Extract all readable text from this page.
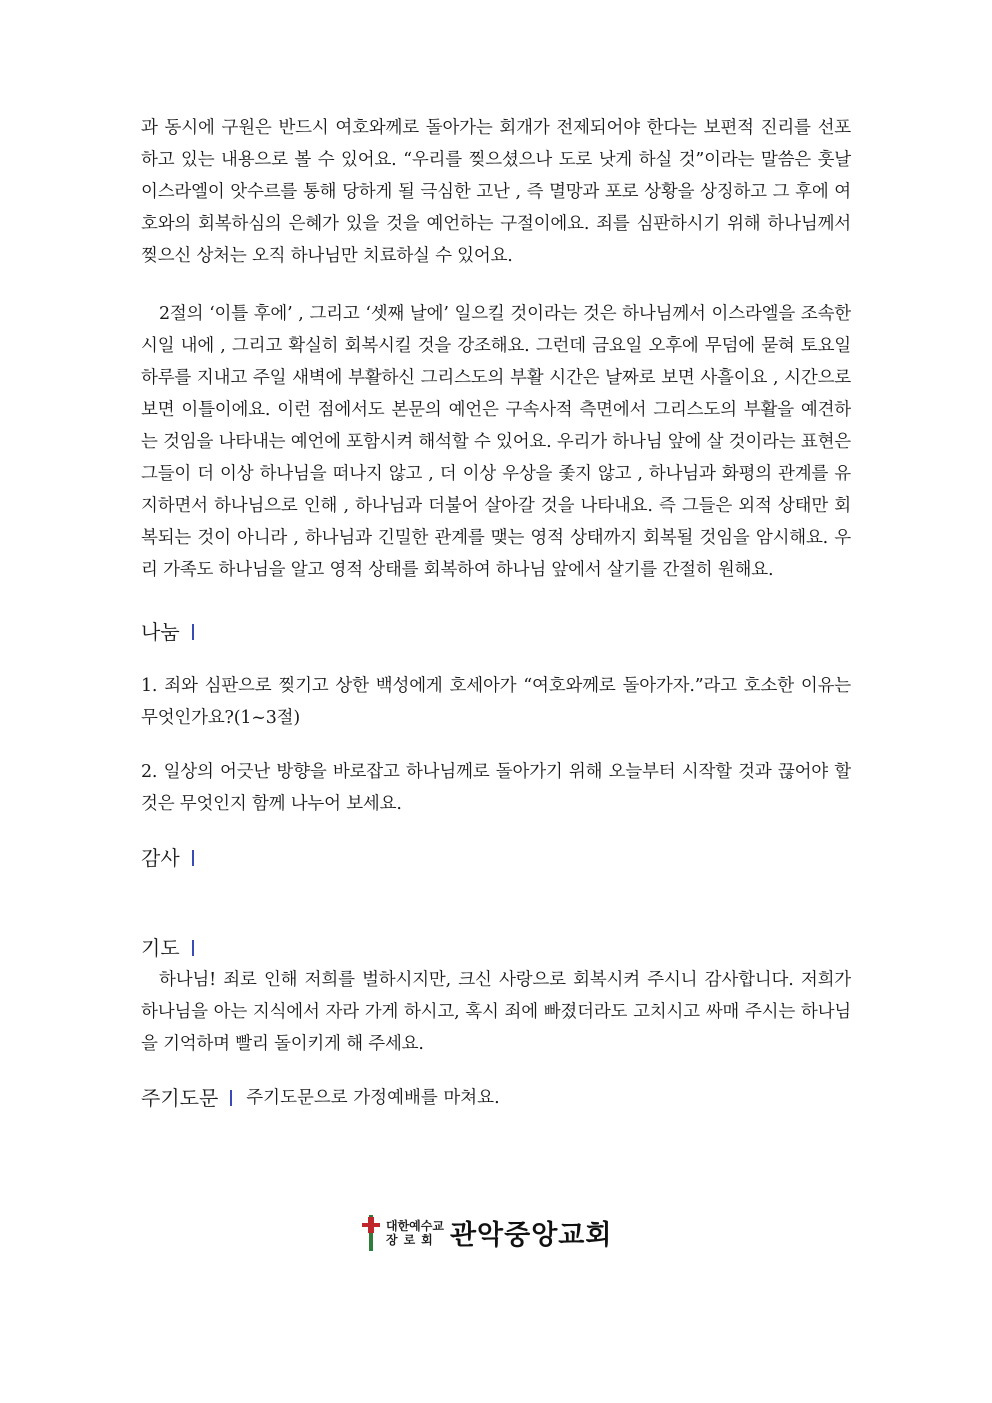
과 동시에 구원은 반드시 여호와께로 돌아가는 회개가 전제되어야 한다는 보편적 진리를 선포하고 있는 내용으로 볼 수 있어요. “우리를 찢으셨으나 도로 낫게 하실 것”이라는 말씀은 훗날 이스라엘이 앗수르를 통해 당하게 될 극심한 고난 , 즉 멸망과 포로 상황을 상징하고 그 후에 여호와의 회복하심의 은혜가 있을 것을 예언하는 구절이에요. 죄를 심판하시기 위해 하나님께서 찢으신 상처는 오직 하나님만 치료하실 수 있어요.

2절의 ‘이틀 후에’ , 그리고 ‘셋째 날에’ 일으킬 것이라는 것은 하나님께서 이스라엘을 조속한 시일 내에 , 그리고 확실히 회복시킬 것을 강조해요. 그런데 금요일 오후에 무덤에 묻혀 토요일 하루를 지내고 주일 새벽에 부활하신 그리스도의 부활 시간은 날짜로 보면 사흘이요 , 시간으로 보면 이틀이에요. 이런 점에서도 본문의 예언은 구속사적 측면에서 그리스도의 부활을 예견하는 것임을 나타내는 예언에 포함시켜 해석할 수 있어요. 우리가 하나님 앞에 살 것이라는 표현은 그들이 더 이상 하나님을 떠나지 않고 , 더 이상 우상을 좇지 않고 , 하나님과 화평의 관계를 유지하면서 하나님으로 인해 , 하나님과 더불어 살아갈 것을 나타내요. 즉 그들은 외적 상태만 회복되는 것이 아니라 , 하나님과 긴밀한 관계를 맺는 영적 상태까지 회복될 것임을 암시해요. 우리 가족도 하나님을 알고 영적 상태를 회복하여 하나님 앞에서 살기를 간절히 원해요.

나눔

1. 죄와 심판으로 찢기고 상한 백성에게 호세아가 “여호와께로 돌아가자.”라고 호소한 이유는 무엇인가요?(1~3절)

2. 일상의 어긋난 방향을 바로잡고 하나님께로 돌아가기 위해 오늘부터 시작할 것과 끊어야 할 것은 무엇인지 함께 나누어 보세요.

감사
기도

하나님! 죄로 인해 저희를 벌하시지만, 크신 사랑으로 회복시켜 주시니 감사합니다. 저희가 하나님을 아는 지식에서 자라 가게 하시고, 혹시 죄에 빠졌더라도 고치시고 싸매 주시는 하나님을 기억하며 빨리 돌이키게 해 주세요.

주기도문 주기도문으로 가정예배를 마쳐요.
대한예수교
장로회 관악중앙교회
